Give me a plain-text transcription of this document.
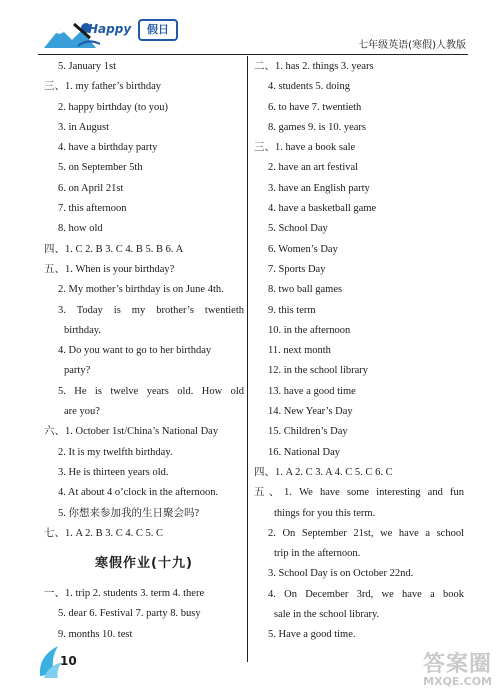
Happy	假日
七年级英语(寒假)人教版
5. January 1st
三、1. my father’s birthday
2. happy birthday (to you)
3. in August
4. have a birthday party
5. on September 5th
6. on April 21st
7. this afternoon
8. how old
四、1. C 2. B 3. C 4. B 5. B 6. A
五、1. When is your birthday?
2. My mother’s birthday is on June 4th.
3. Today is my brother’s twentieth
birthday.
4. Do you want to go to her birthday
party?
5. He is twelve years old. How old
are you?
六、1. October 1st/China’s National Day
2. It is my twelfth birthday.
3. He is thirteen years old.
4. At about 4 o’clock in the afternoon.
5. 你想来参加我的生日聚会吗?
七、1. A 2. B 3. C 4. C 5. C
寒假作业(十九)
一、1. trip 2. students 3. term 4. there
5. dear 6. Festival 7. party 8. busy
9. months 10. test
二、1. has 2. things 3. years
4. students 5. doing
6. to have 7. twentieth
8. games 9. is 10. years
三、1. have a book sale
2. have an art festival
3. have an English party
4. have a basketball game
5. School Day
6. Women’s Day
7. Sports Day
8. two ball games
9. this term
10. in the afternoon
11. next month
12. in the school library
13. have a good time
14. New Year’s Day
15. Children’s Day
16. National Day
四、1. A 2. C 3. A 4. C 5. C 6. C
五、1. We have some interesting and fun
things for you this term.
2. On September 21st, we have a school
trip in the afternoon.
3. School Day is on October 22nd.
4. On December 3rd, we have a book
sale in the school library.
5. Have a good time.
10	答案圈
MXQE.COM
